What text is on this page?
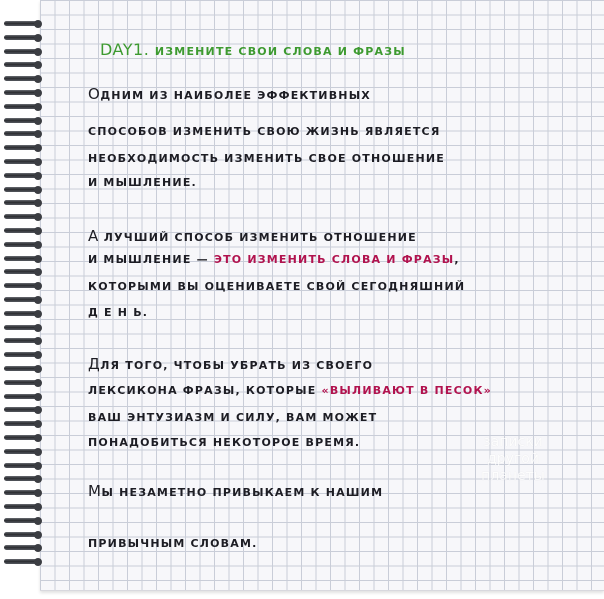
DAY1. ИЗМЕНИТЕ СВОИ СЛОВА И ФРАЗЫ
ОДНИМ ИЗ НАИБОЛЕЕ ЭФФЕКТИВНЫХ
СПОСОБОВ ИЗМЕНИТЬ СВОЮ ЖИЗНЬ ЯВЛЯЕТСЯ
НЕОБХОДИМОСТЬ ИЗМЕНИТЬ СВОЕ ОТНОШЕНИЕ
И МЫШЛЕНИЕ.
А ЛУЧШИЙ СПОСОБ ИЗМЕНИТЬ ОТНОШЕНИЕ
И МЫШЛЕНИЕ — ЭТО ИЗМЕНИТЬ СЛОВА И ФРАЗЫ,
КОТОРЫМИ ВЫ ОЦЕНИВАЕТЕ СВОЙ СЕГОДНЯШНИЙ
Д Е Н Ь.
ДЛЯ ТОГО, ЧТОБЫ УБРАТЬ ИЗ СВОЕГО
ЛЕКСИКОНА ФРАЗЫ, КОТОРЫЕ «ВЫЛИВАЮТ В ПЕСОК»
ВАШ ЭНТУЗИАЗМ И СИЛУ, ВАМ МОЖЕТ
ПОНАДОБИТЬСЯ НЕКОТОРОЕ ВРЕМЯ.
МЫ НЕЗАМЕТНО ПРИВЫКАЕМ К НАШИМ
ПРИВЫЧНЫМ СЛОВАМ.
записки
другой
планеты
